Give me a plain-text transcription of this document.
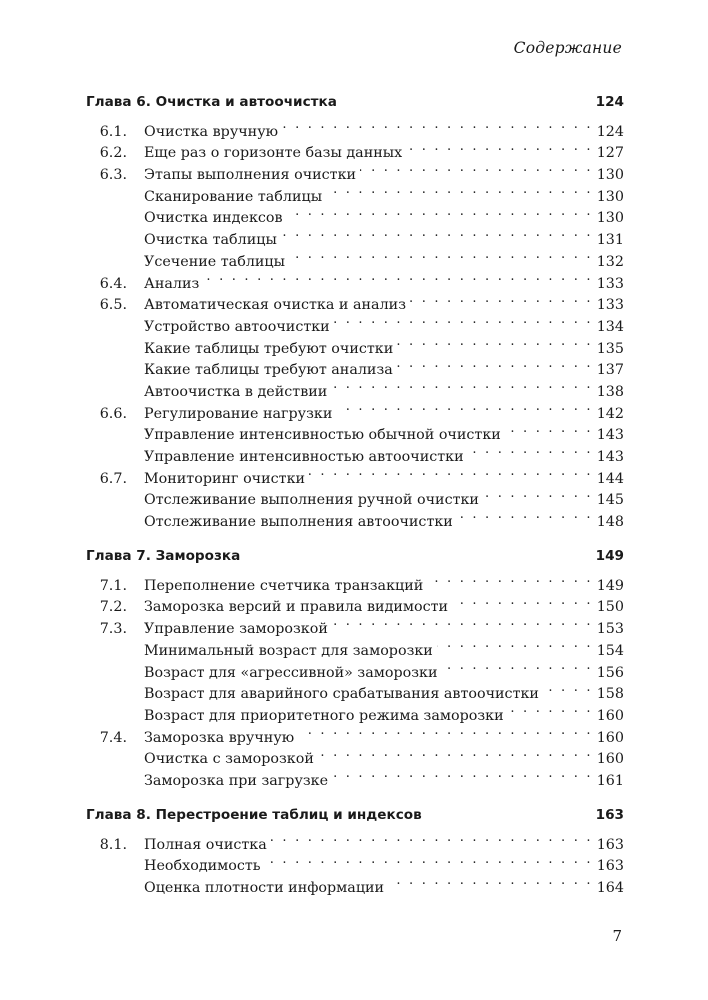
Содержание
Глава 6. Очистка и автоочистка	124
6.1.	Очистка вручную . . .	124
6.2.	Еще раз о горизонте базы данных . . .	127
6.3.	Этапы выполнения очистки . . .	130
Сканирование таблицы . . .	130
Очистка индексов . . .	130
Очистка таблицы . . .	131
Усечение таблицы . . .	132
6.4.	Анализ . . .	133
6.5.	Автоматическая очистка и анализ . . .	133
Устройство автоочистки . . .	134
Какие таблицы требуют очистки . . .	135
Какие таблицы требуют анализа . . .	137
Автоочистка в действии . . .	138
6.6.	Регулирование нагрузки . . .	142
Управление интенсивностью обычной очистки . . .	143
Управление интенсивностью автоочистки . . .	143
6.7.	Мониторинг очистки . . .	144
Отслеживание выполнения ручной очистки . . .	145
Отслеживание выполнения автоочистки . . .	148
Глава 7. Заморозка	149
7.1.	Переполнение счетчика транзакций . . .	149
7.2.	Заморозка версий и правила видимости . . .	150
7.3.	Управление заморозкой . . .	153
Минимальный возраст для заморозки . . .	154
Возраст для «агрессивной» заморозки . . .	156
Возраст для аварийного срабатывания автоочистки . . .	158
Возраст для приоритетного режима заморозки . . .	160
7.4.	Заморозка вручную . . .	160
Очистка с заморозкой . . .	160
Заморозка при загрузке . . .	161
Глава 8. Перестроение таблиц и индексов	163
8.1.	Полная очистка . . .	163
Необходимость . . .	163
Оценка плотности информации . . .	164
7
